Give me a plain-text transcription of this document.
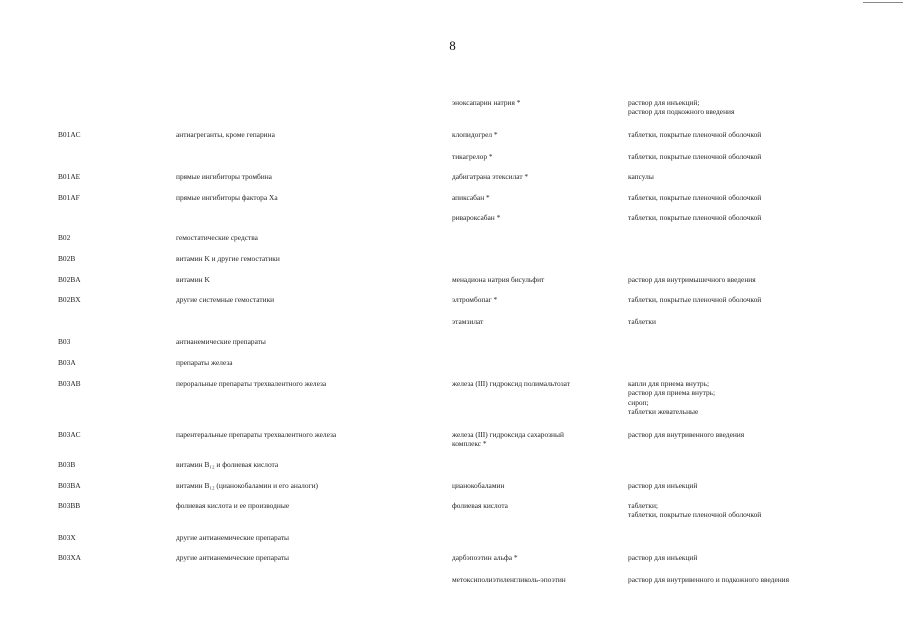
8
эноксапарин натрия *	раствор для инъекций;
раствор для подкожного введения
B01AC	антиагреганты, кроме гепарина	клопидогрел *	таблетки, покрытые пленочной оболочкой
тикагрелор *	таблетки, покрытые пленочной оболочкой
B01AE	прямые ингибиторы тромбина	дабигатрана этексилат *	капсулы
B01AF	прямые ингибиторы фактора Xa	апиксабан *	таблетки, покрытые пленочной оболочкой
ривароксабан *	таблетки, покрытые пленочной оболочкой
B02	гемостатические средства
B02B	витамин K и другие гемостатики
B02BA	витамин K	менадиона натрия бисульфит	раствор для внутримышечного введения
B02BX	другие системные гемостатики	элтромбопаг *	таблетки, покрытые пленочной оболочкой
этамзилат	таблетки
B03	антианемические препараты
B03A	препараты железа
B03AB	пероральные препараты трехвалентного железа	железа (III) гидроксид полимальтозат	капли для приема внутрь;
раствор для приема внутрь;
сироп;
таблетки жевательные
B03AC	парентеральные препараты трехвалентного железа	железа (III) гидроксида сахарозный
комплекс *
раствор для внутривенного введения
B03B	витамин B₁₂ и фолиевая кислота
B03BA	витамин B₁₂ (цианокобаламин и его аналоги)	цианокобаламин	раствор для инъекций
B03BB	фолиевая кислота и ее производные	фолиевая кислота	таблетки;
таблетки, покрытые пленочной оболочкой
B03X	другие антианемические препараты
B03XA	другие антианемические препараты	дарбэпоэтин альфа *	раствор для инъекций
метоксиполиэтиленгликоль-эпоэтин	раствор для внутривенного и подкожного введения
